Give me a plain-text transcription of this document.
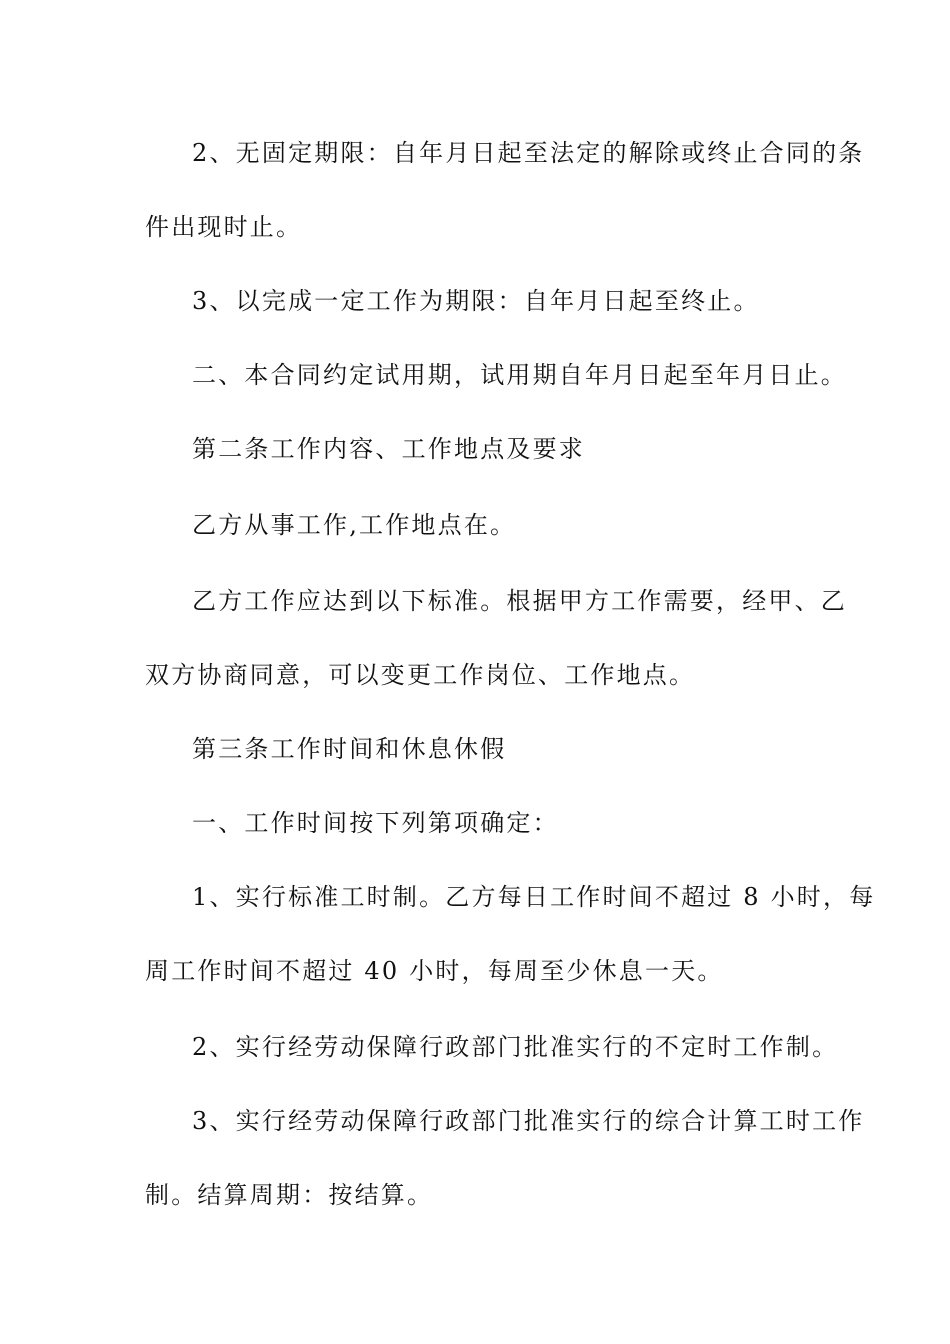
2、无固定期限：自年月日起至法定的解除或终止合同的条
件出现时止。
3、以完成一定工作为期限：自年月日起至终止。
二、本合同约定试用期，试用期自年月日起至年月日止。
第二条工作内容、工作地点及要求
乙方从事工作,工作地点在。
乙方工作应达到以下标准。根据甲方工作需要，经甲、乙
双方协商同意，可以变更工作岗位、工作地点。
第三条工作时间和休息休假
一、工作时间按下列第项确定：
1、实行标准工时制。乙方每日工作时间不超过 8 小时，每
周工作时间不超过 40 小时，每周至少休息一天。
2、实行经劳动保障行政部门批准实行的不定时工作制。
3、实行经劳动保障行政部门批准实行的综合计算工时工作
制。结算周期：按结算。
